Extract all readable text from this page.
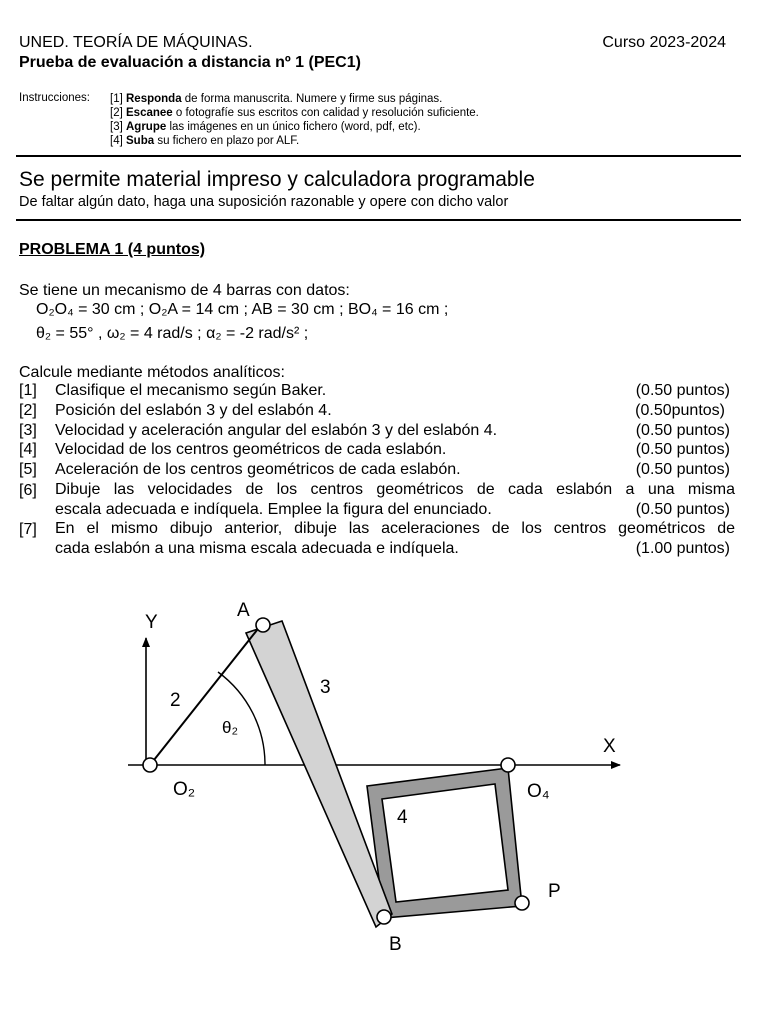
UNED. TEORÍA DE MÁQUINAS.	Curso 2023-2024
Prueba de evaluación a distancia nº 1 (PEC1)
Instrucciones: [1] Responda de forma manuscrita. Numere y firme sus páginas.
[2] Escanee o fotografíe sus escritos con calidad y resolución suficiente.
[3] Agrupe las imágenes en un único fichero (word, pdf, etc).
[4] Suba su fichero en plazo por ALF.
Se permite material impreso y calculadora programable
De faltar algún dato, haga una suposición razonable y opere con dicho valor
PROBLEMA 1 (4 puntos)
Se tiene un mecanismo de 4 barras con datos:
O₂O₄ = 30 cm ; O₂A = 14 cm ; AB = 30 cm ; BO₄ = 16 cm ;
θ₂ = 55° , ω₂ = 4 rad/s ; α₂ = -2 rad/s² ;
Calcule mediante métodos analíticos:
[1] Clasifique el mecanismo según Baker.	(0.50 puntos)
[2] Posición del eslabón 3 y del eslabón 4.	(0.50puntos)
[3] Velocidad y aceleración angular del eslabón 3 y del eslabón 4.	(0.50 puntos)
[4] Velocidad de los centros geométricos de cada eslabón.	(0.50 puntos)
[5] Aceleración de los centros geométricos de cada eslabón.	(0.50 puntos)
[6] Dibuje las velocidades de los centros geométricos de cada eslabón a una misma
escala adecuada e indíquela. Emplee la figura del enunciado.	(0.50 puntos)
[7] En el mismo dibujo anterior, dibuje las aceleraciones de los centros geométricos de
cada eslabón a una misma escala adecuada e indíquela.	(1.00 puntos)
Y
X
A
2
3
θ₂
O₂	O₄
4
P
B
